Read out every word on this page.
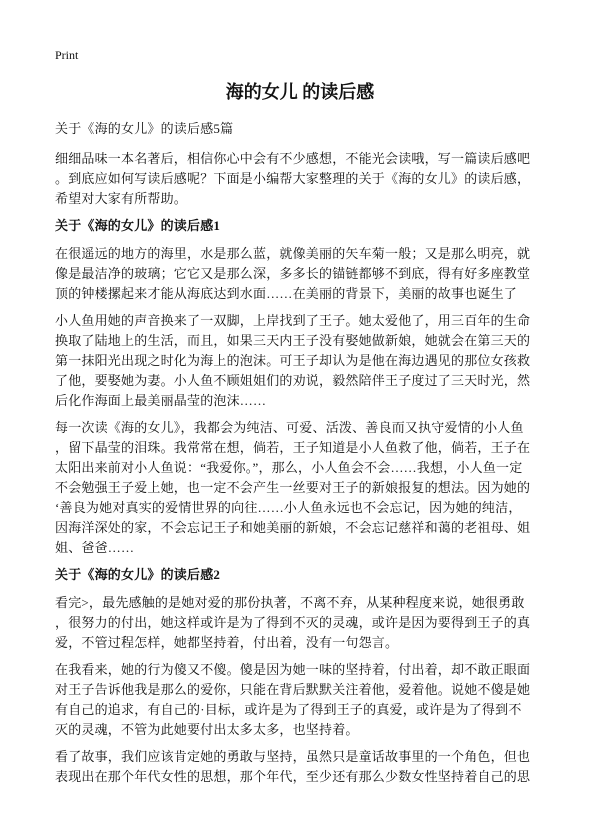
Print
海的女儿 的读后感
关于《海的女儿》的读后感5篇
细细品味一本名著后，相信你心中会有不少感想，不能光会读哦，写一篇读后感吧
。到底应如何写读后感呢？下面是小编帮大家整理的关于《海的女儿》的读后感，
希望对大家有所帮助。
关于《海的女儿》的读后感1
在很遥远的地方的海里，水是那么蓝，就像美丽的矢车菊一般；又是那么明亮，就
像是最洁净的玻璃；它它又是那么深，多多长的锚链都够不到底，得有好多座教堂
顶的钟楼摞起来才能从海底达到水面……在美丽的背景下，美丽的故事也诞生了
小人鱼用她的声音换来了一双脚，上岸找到了王子。她太爱他了，用三百年的生命
换取了陆地上的生活，而且，如果三天内王子没有娶她做新娘，她就会在第三天的
第一抹阳光出现之时化为海上的泡沫。可王子却认为是他在海边遇见的那位女孩救
了他，要娶她为妻。小人鱼不顾姐姐们的劝说，毅然陪伴王子度过了三天时光，然
后化作海面上最美丽晶莹的泡沫……
每一次读《海的女儿》，我都会为纯洁、可爱、活泼、善良而又执守爱情的小人鱼
，留下晶莹的泪珠。我常常在想，倘若，王子知道是小人鱼救了他，倘若，王子在
太阳出来前对小人鱼说：“我爱你。”，那么，小人鱼会不会……我想，小人鱼一定
不会勉强王子爱上她，也一定不会产生一丝要对王子的新娘报复的想法。因为她的
‘善良为她对真实的爱情世界的向往……小人鱼永远也不会忘记，因为她的纯洁，
因海洋深处的家，不会忘记王子和她美丽的新娘，不会忘记慈祥和蔼的老祖母、姐
姐、爸爸……
关于《海的女儿》的读后感2
看完>，最先感触的是她对爱的那份执著，不离不弃，从某种程度来说，她很勇敢
，很努力的付出，她这样或许是为了得到不灭的灵魂，或许是因为要得到王子的真
爱，不管过程怎样，她都坚持着，付出着，没有一句怨言。
在我看来，她的行为傻又不傻。傻是因为她一味的坚持着，付出着，却不敢正眼面
对王子告诉他我是那么的爱你，只能在背后默默关注着他，爱着他。说她不傻是她
有自己的追求，有自己的·目标，或许是为了得到王子的真爱，或许是为了得到不
灭的灵魂，不管为此她要付出太多太多，也坚持着。
看了故事，我们应该肯定她的勇敢与坚持，虽然只是童话故事里的一个角色，但也
表现出在那个年代女性的思想，那个年代，至少还有那么少数女性坚持着自己的思
